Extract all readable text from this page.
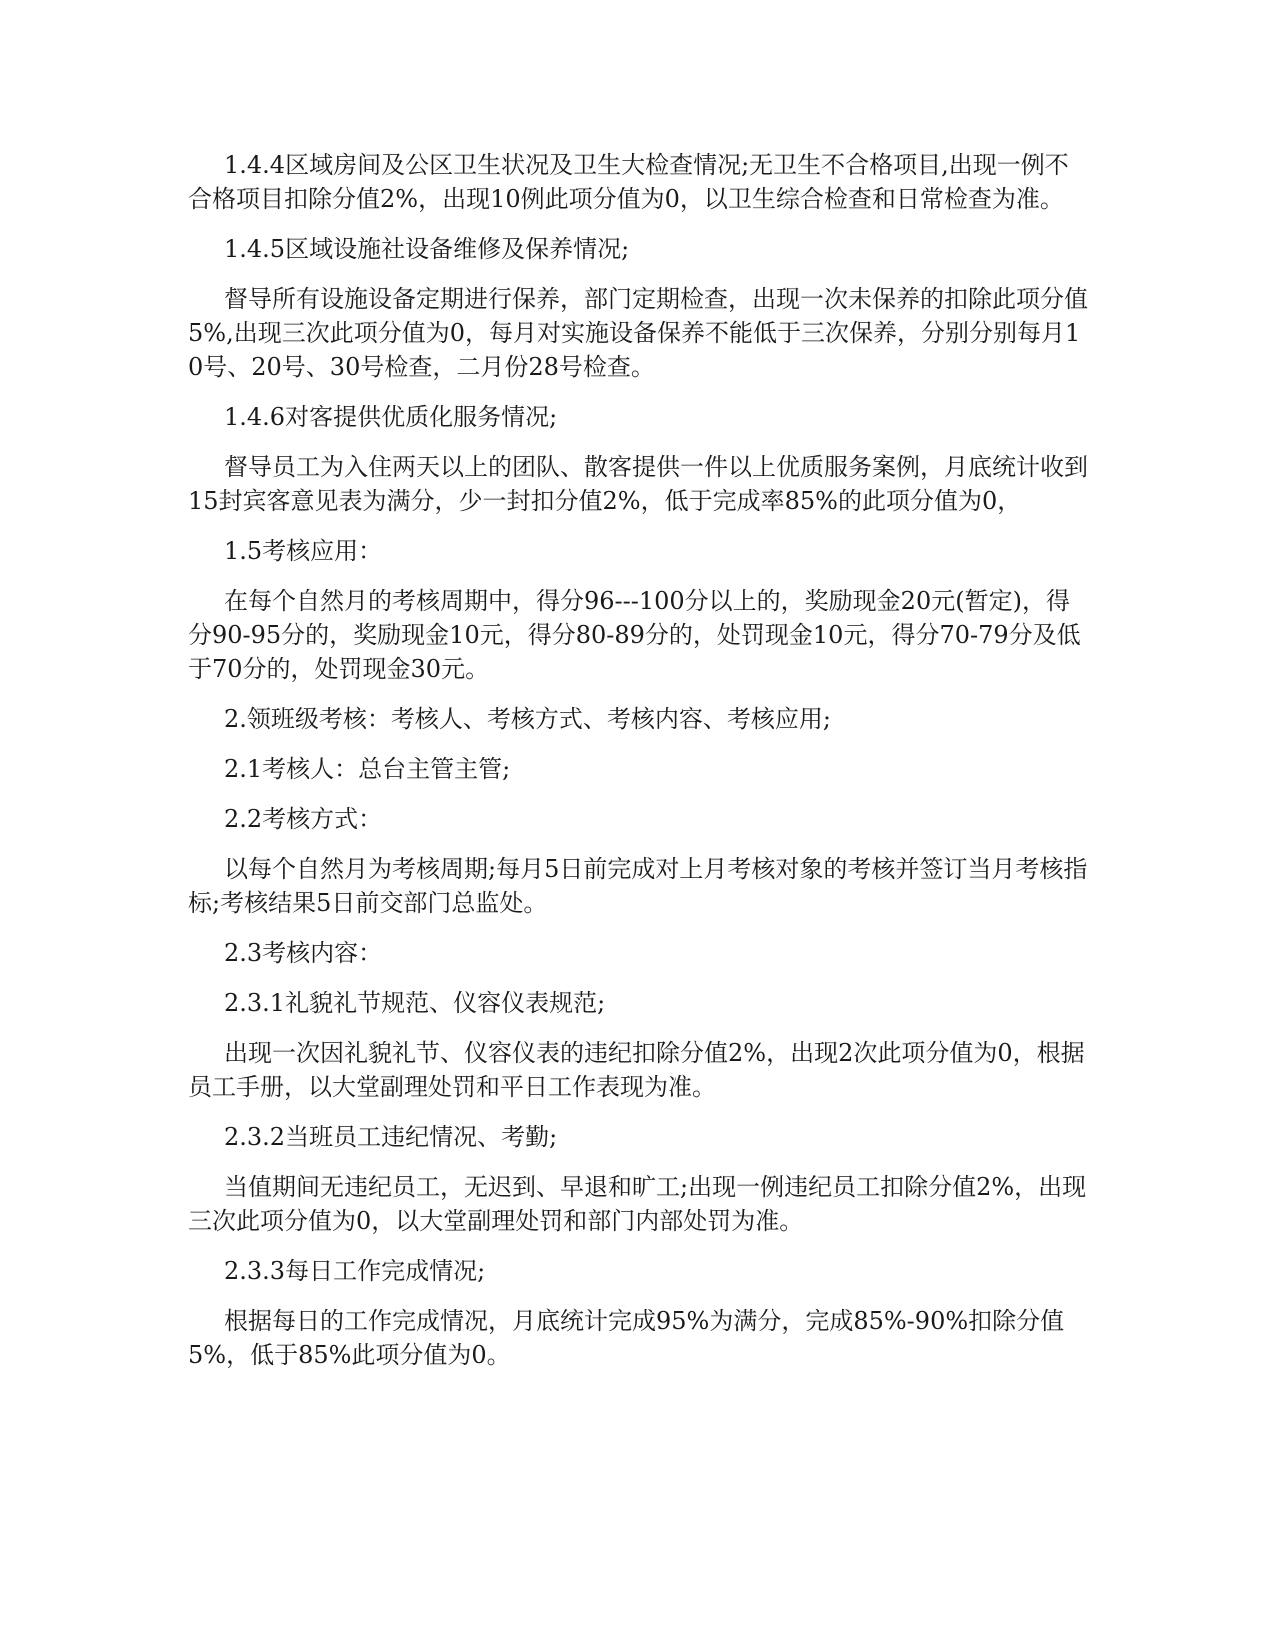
1.4.4区域房间及公区卫生状况及卫生大检查情况;无卫生不合格项目,出现一例不合格项目扣除分值2%，出现10例此项分值为0，以卫生综合检查和日常检查为准。

1.4.5区域设施社设备维修及保养情况;

督导所有设施设备定期进行保养，部门定期检查，出现一次未保养的扣除此项分值5%,出现三次此项分值为0，每月对实施设备保养不能低于三次保养，分别分别每月10号、20号、30号检查，二月份28号检查。

1.4.6对客提供优质化服务情况;

督导员工为入住两天以上的团队、散客提供一件以上优质服务案例，月底统计收到15封宾客意见表为满分，少一封扣分值2%，低于完成率85%的此项分值为0，

1.5考核应用：

在每个自然月的考核周期中，得分96---100分以上的，奖励现金20元(暂定)，得分90-95分的，奖励现金10元，得分80-89分的，处罚现金10元，得分70-79分及低于70分的，处罚现金30元。

2.领班级考核：考核人、考核方式、考核内容、考核应用;

2.1考核人：总台主管主管;

2.2考核方式：

以每个自然月为考核周期;每月5日前完成对上月考核对象的考核并签订当月考核指标;考核结果5日前交部门总监处。

2.3考核内容：

2.3.1礼貌礼节规范、仪容仪表规范;

出现一次因礼貌礼节、仪容仪表的违纪扣除分值2%，出现2次此项分值为0，根据员工手册，以大堂副理处罚和平日工作表现为准。

2.3.2当班员工违纪情况、考勤;

当值期间无违纪员工，无迟到、早退和旷工;出现一例违纪员工扣除分值2%，出现三次此项分值为0，以大堂副理处罚和部门内部处罚为准。

2.3.3每日工作完成情况;

根据每日的工作完成情况，月底统计完成95%为满分，完成85%-90%扣除分值5%，低于85%此项分值为0。
